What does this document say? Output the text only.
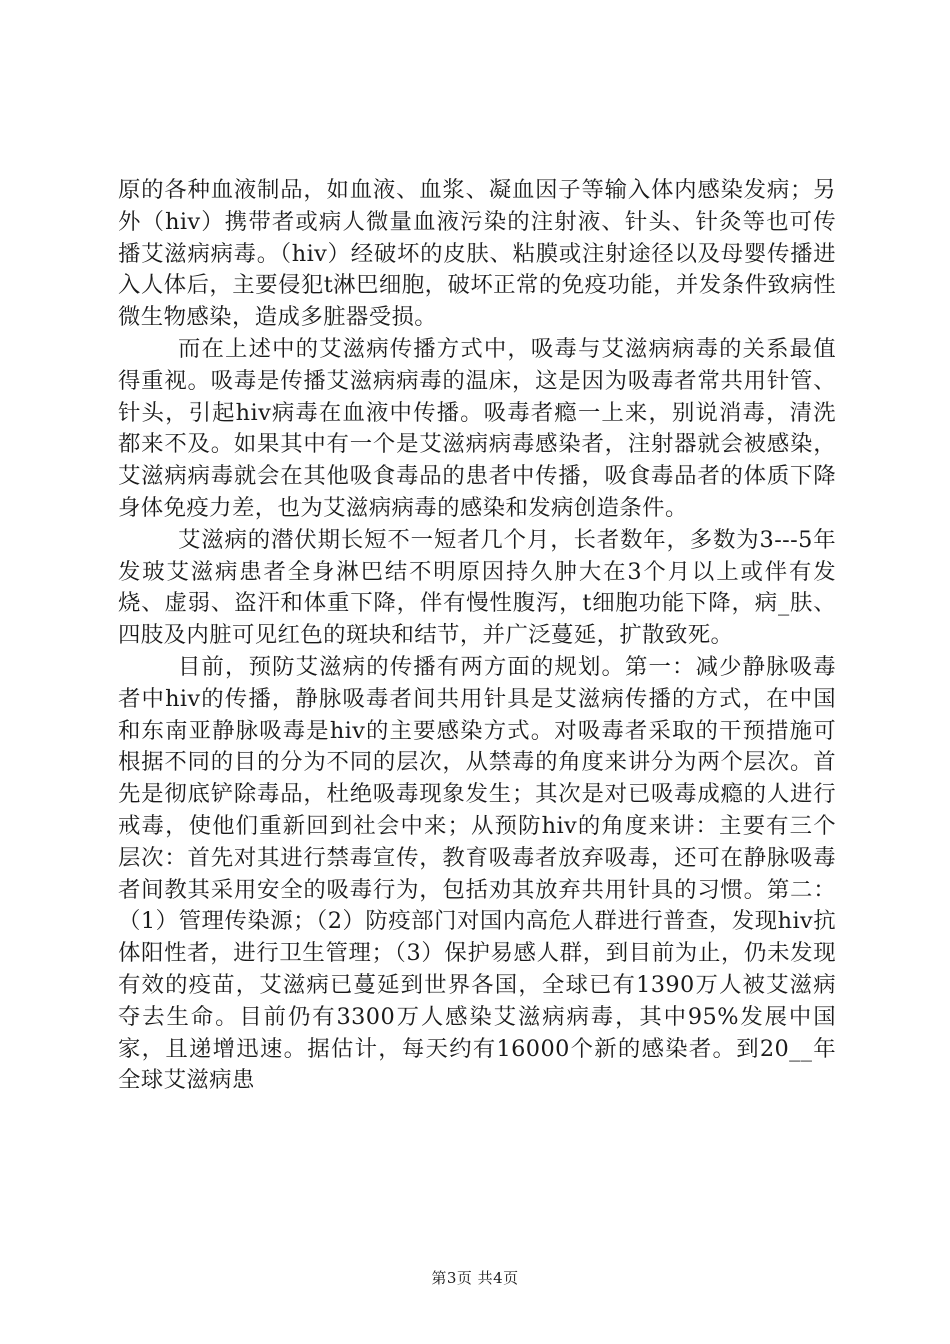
原的各种血液制品，如血液、血浆、凝血因子等输入体内感染发病；另外（hiv）携带者或病人微量血液污染的注射液、针头、针灸等也可传播艾滋病病毒。（hiv）经破坏的皮肤、粘膜或注射途径以及母婴传播进入人体后，主要侵犯t淋巴细胞，破坏正常的免疫功能，并发条件致病性微生物感染，造成多脏器受损。

而在上述中的艾滋病传播方式中，吸毒与艾滋病病毒的关系最值得重视。吸毒是传播艾滋病病毒的温床，这是因为吸毒者常共用针管、针头，引起hiv病毒在血液中传播。吸毒者瘾一上来，别说消毒，清洗都来不及。如果其中有一个是艾滋病病毒感染者，注射器就会被感染，艾滋病病毒就会在其他吸食毒品的患者中传播，吸食毒品者的体质下降身体免疫力差，也为艾滋病病毒的感染和发病创造条件。

艾滋病的潜伏期长短不一短者几个月，长者数年，多数为3---5年发玻艾滋病患者全身淋巴结不明原因持久肿大在3个月以上或伴有发烧、虚弱、盗汗和体重下降，伴有慢性腹泻，t细胞功能下降，病_肤、四肢及内脏可见红色的斑块和结节，并广泛蔓延，扩散致死。

目前，预防艾滋病的传播有两方面的规划。第一：减少静脉吸毒者中hiv的传播，静脉吸毒者间共用针具是艾滋病传播的方式，在中国和东南亚静脉吸毒是hiv的主要感染方式。对吸毒者采取的干预措施可根据不同的目的分为不同的层次，从禁毒的角度来讲分为两个层次。首先是彻底铲除毒品，杜绝吸毒现象发生；其次是对已吸毒成瘾的人进行戒毒，使他们重新回到社会中来；从预防hiv的角度来讲：主要有三个层次：首先对其进行禁毒宣传，教育吸毒者放弃吸毒，还可在静脉吸毒者间教其采用安全的吸毒行为，包括劝其放弃共用针具的习惯。第二：（1）管理传染源；（2）防疫部门对国内高危人群进行普查，发现hiv抗体阳性者，进行卫生管理；（3）保护易感人群，到目前为止，仍未发现有效的疫苗，艾滋病已蔓延到世界各国，全球已有1390万人被艾滋病夺去生命。目前仍有3300万人感染艾滋病病毒，其中95%发展中国家，且递增迅速。据估计，每天约有16000个新的感染者。到20__年全球艾滋病患

第3页 共4页
